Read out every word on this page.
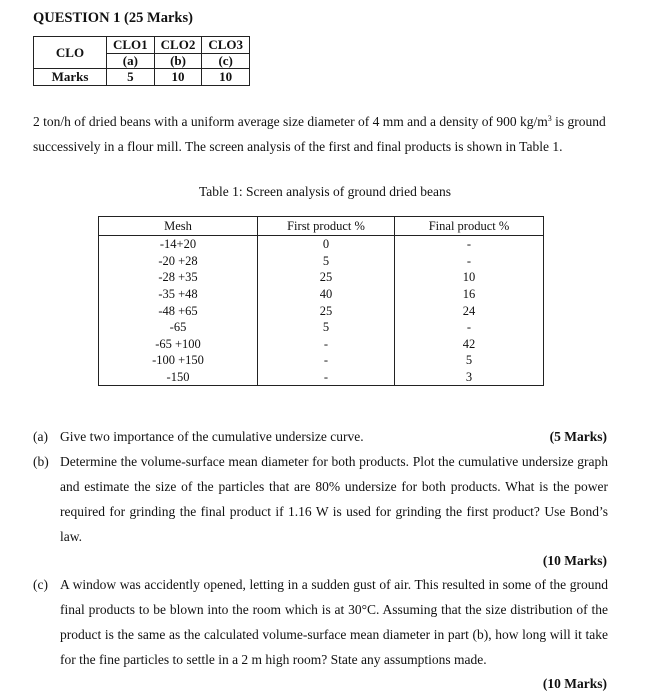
QUESTION 1 (25 Marks)
CLO	CLO1	CLO2	CLO3
	(a)	(b)	(c)
Marks	5	10	10
2 ton/h of dried beans with a uniform average size diameter of 4 mm and a density of 900 $kg/m^3$ is ground successively in a flour mill. The screen analysis of the first and final products is shown in Table 1.
Table 1: Screen analysis of ground dried beans
Mesh	First product %	Final product %
-14+20	0	-
-20 +28	5	-
-28 +35	25	10
-35 +48	40	16
-48 +65	25	24
-65	5	-
-65 +100	-	42
-100 +150	-	5
-150	-	3
(a) Give two importance of the cumulative undersize curve.	(5 Marks)
(b) Determine the volume-surface mean diameter for both products. Plot the cumulative undersize graph and estimate the size of the particles that are 80% undersize for both products. What is the power required for grinding the final product if 1.16 W is used for grinding the first product? Use Bond’s law.
(10 Marks)
(c) A window was accidently opened, letting in a sudden gust of air. This resulted in some of the ground final products to be blown into the room which is at 30°C. Assuming that the size distribution of the product is the same as the calculated volume-surface mean diameter in part (b), how long will it take for the fine particles to settle in a 2 m high room? State any assumptions made.
(10 Marks)
